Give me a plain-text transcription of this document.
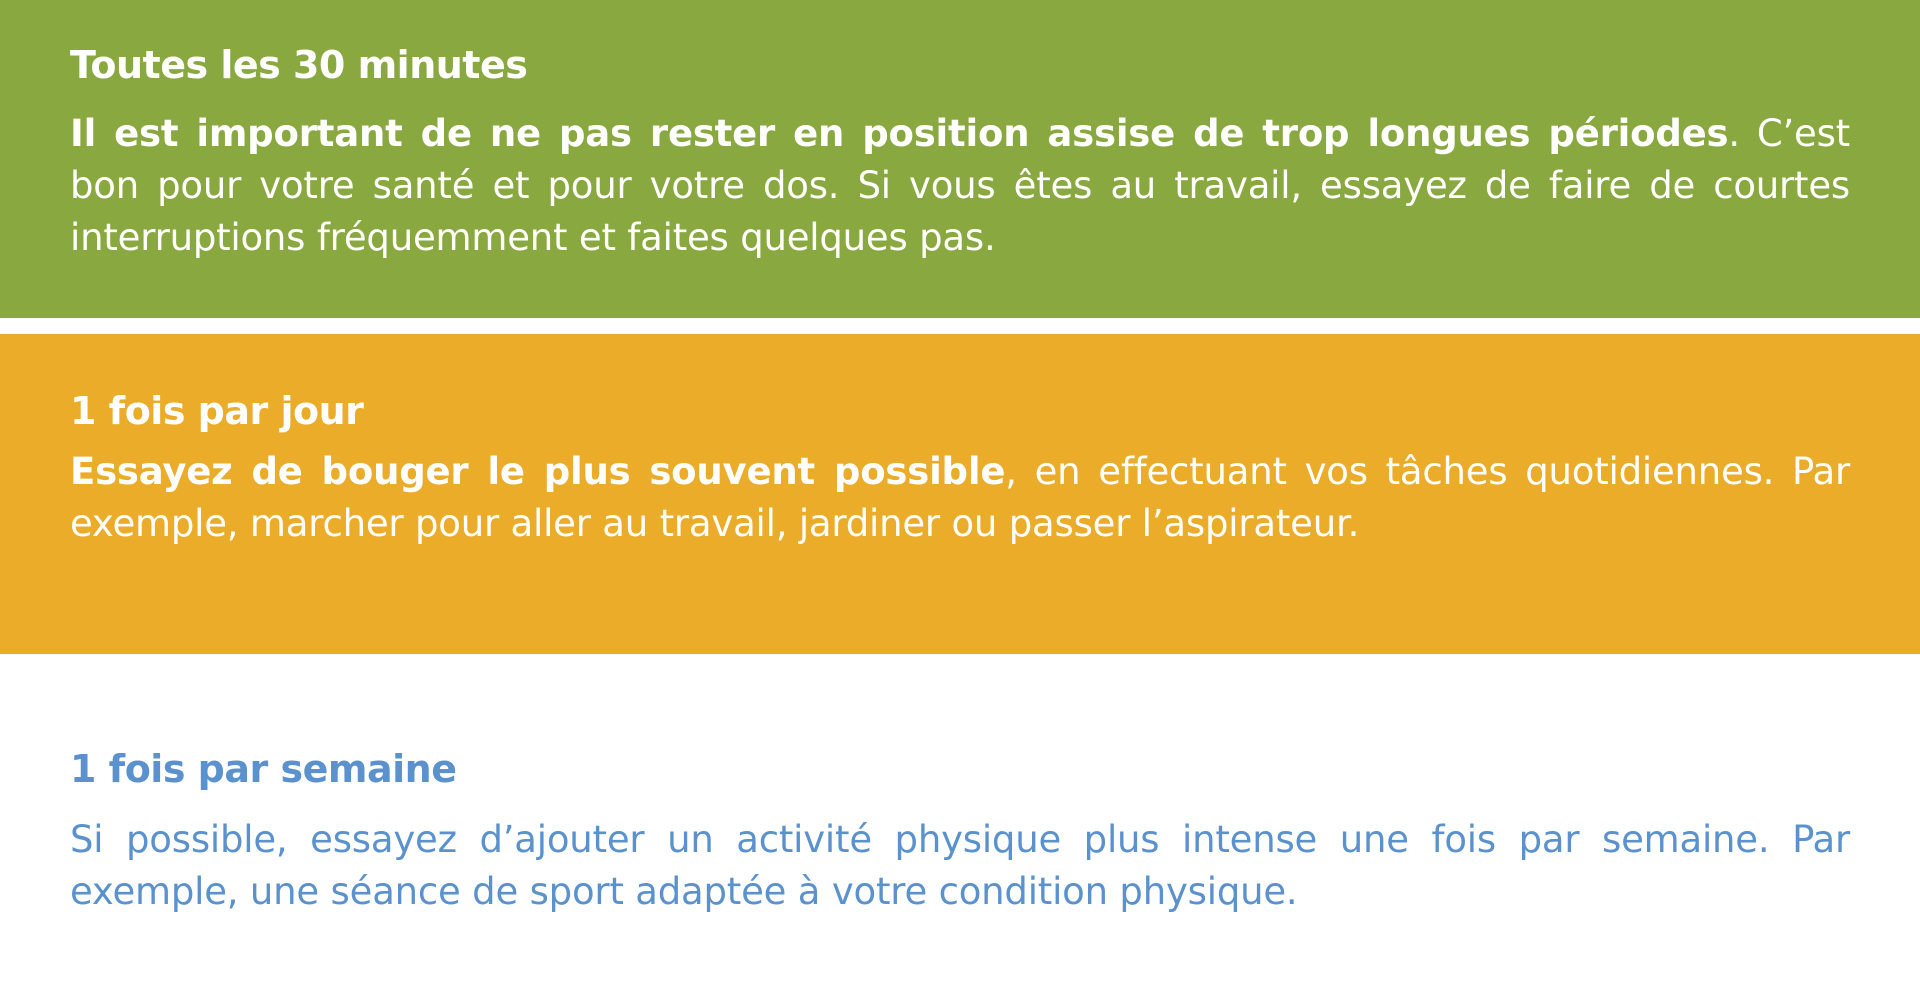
Toutes les 30 minutes

Il est important de ne pas rester en position assise de trop longues périodes. C’est bon pour votre santé et pour votre dos. Si vous êtes au travail, essayez de faire de courtes interruptions fréquemment et faites quelques pas.

1 fois par jour

Essayez de bouger le plus souvent possible, en effectuant vos tâches quotidiennes. Par exemple, marcher pour aller au travail, jardiner ou passer l’aspirateur.

1 fois par semaine

Si possible, essayez d’ajouter un activité physique plus intense une fois par semaine. Par exemple, une séance de sport adaptée à votre condition physique.
